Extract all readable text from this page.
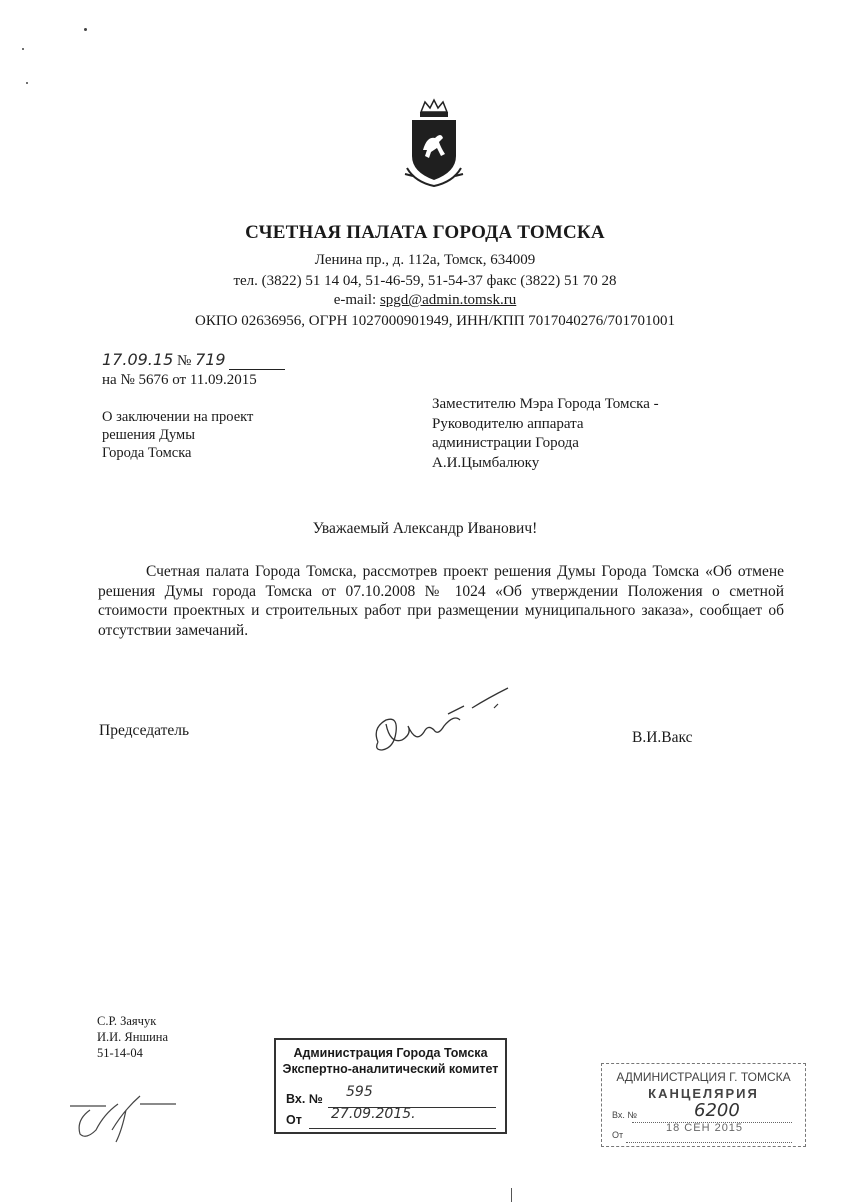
СЧЕТНАЯ ПАЛАТА ГОРОДА ТОМСКА
Ленина пр., д. 112а, Томск, 634009
тел. (3822) 51 14 04, 51-46-59, 51-54-37 факс (3822) 51 70 28
e-mail: spgd@admin.tomsk.ru
ОКПО 02636956, ОГРН 1027000901949, ИНН/КПП 7017040276/701701001
17.09.15 № 719
на № 5676 от 11.09.2015
О заключении на проект
решения Думы
Города Томска
Заместителю Мэра Города Томска -
Руководителю аппарата
администрации Города
А.И.Цымбалюку
Уважаемый Александр Иванович!
Счетная палата Города Томска, рассмотрев проект решения Думы Города Томска «Об отмене решения Думы города Томска от 07.10.2008 № 1024 «Об утверждении Положения о сметной стоимости проектных и строительных работ при размещении муниципального заказа», сообщает об отсутствии замечаний.
Председатель	В.И.Вакс
С.Р. Заячук
И.И. Яншина
51-14-04	Администрация Города Томска
Экспертно-аналитический комитет
Вх. № 595
От 27.09.2015.
АДМИНИСТРАЦИЯ Г. ТОМСКА
КАНЦЕЛЯРИЯ
Вх. №	6200
От
18 СЕН 2015
